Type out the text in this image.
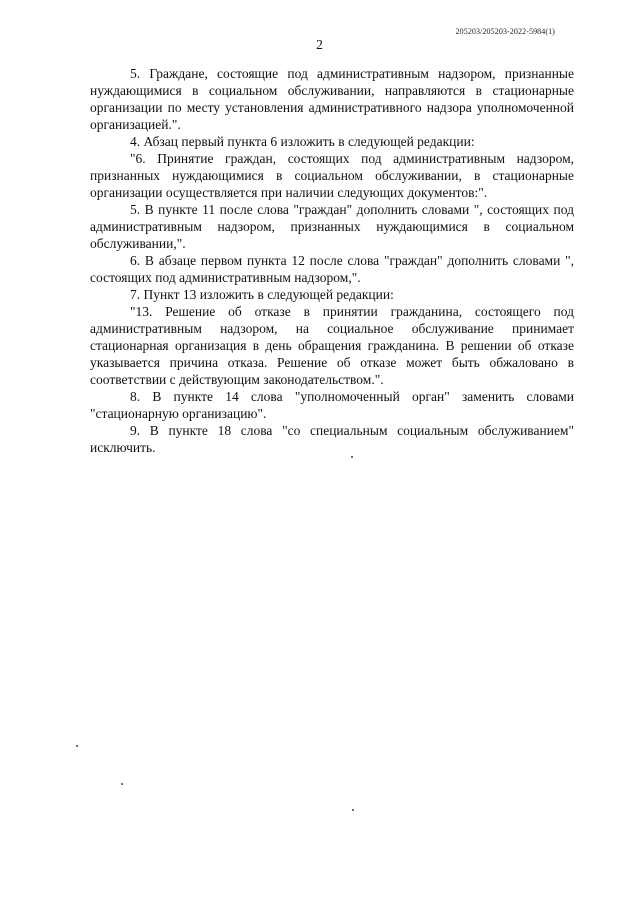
205203/205203-2022-5984(1)
2

5. Граждане, состоящие под административным надзором, признанные нуждающимися в социальном обслуживании, направляются в стационарные организации по месту установления административного надзора уполномоченной организацией.".

4. Абзац первый пункта 6 изложить в следующей редакции:

"6. Принятие граждан, состоящих под административным надзором, признанных нуждающимися в социальном обслуживании, в стационарные организации осуществляется при наличии следующих документов:".

5. В пункте 11 после слова "граждан" дополнить словами ", состоящих под административным надзором, признанных нуждающимися в социальном обслуживании,".

6. В абзаце первом пункта 12 после слова "граждан" дополнить словами ", состоящих под административным надзором,".

7. Пункт 13 изложить в следующей редакции:

"13. Решение об отказе в принятии гражданина, состоящего под административным надзором, на социальное обслуживание принимает стационарная организация в день обращения гражданина. В решении об отказе указывается причина отказа. Решение об отказе может быть обжаловано в соответствии с действующим законодательством.".

8. В пункте 14 слова "уполномоченный орган" заменить словами "стационарную организацию".

9. В пункте 18 слова "со специальным социальным обслуживанием" исключить.
